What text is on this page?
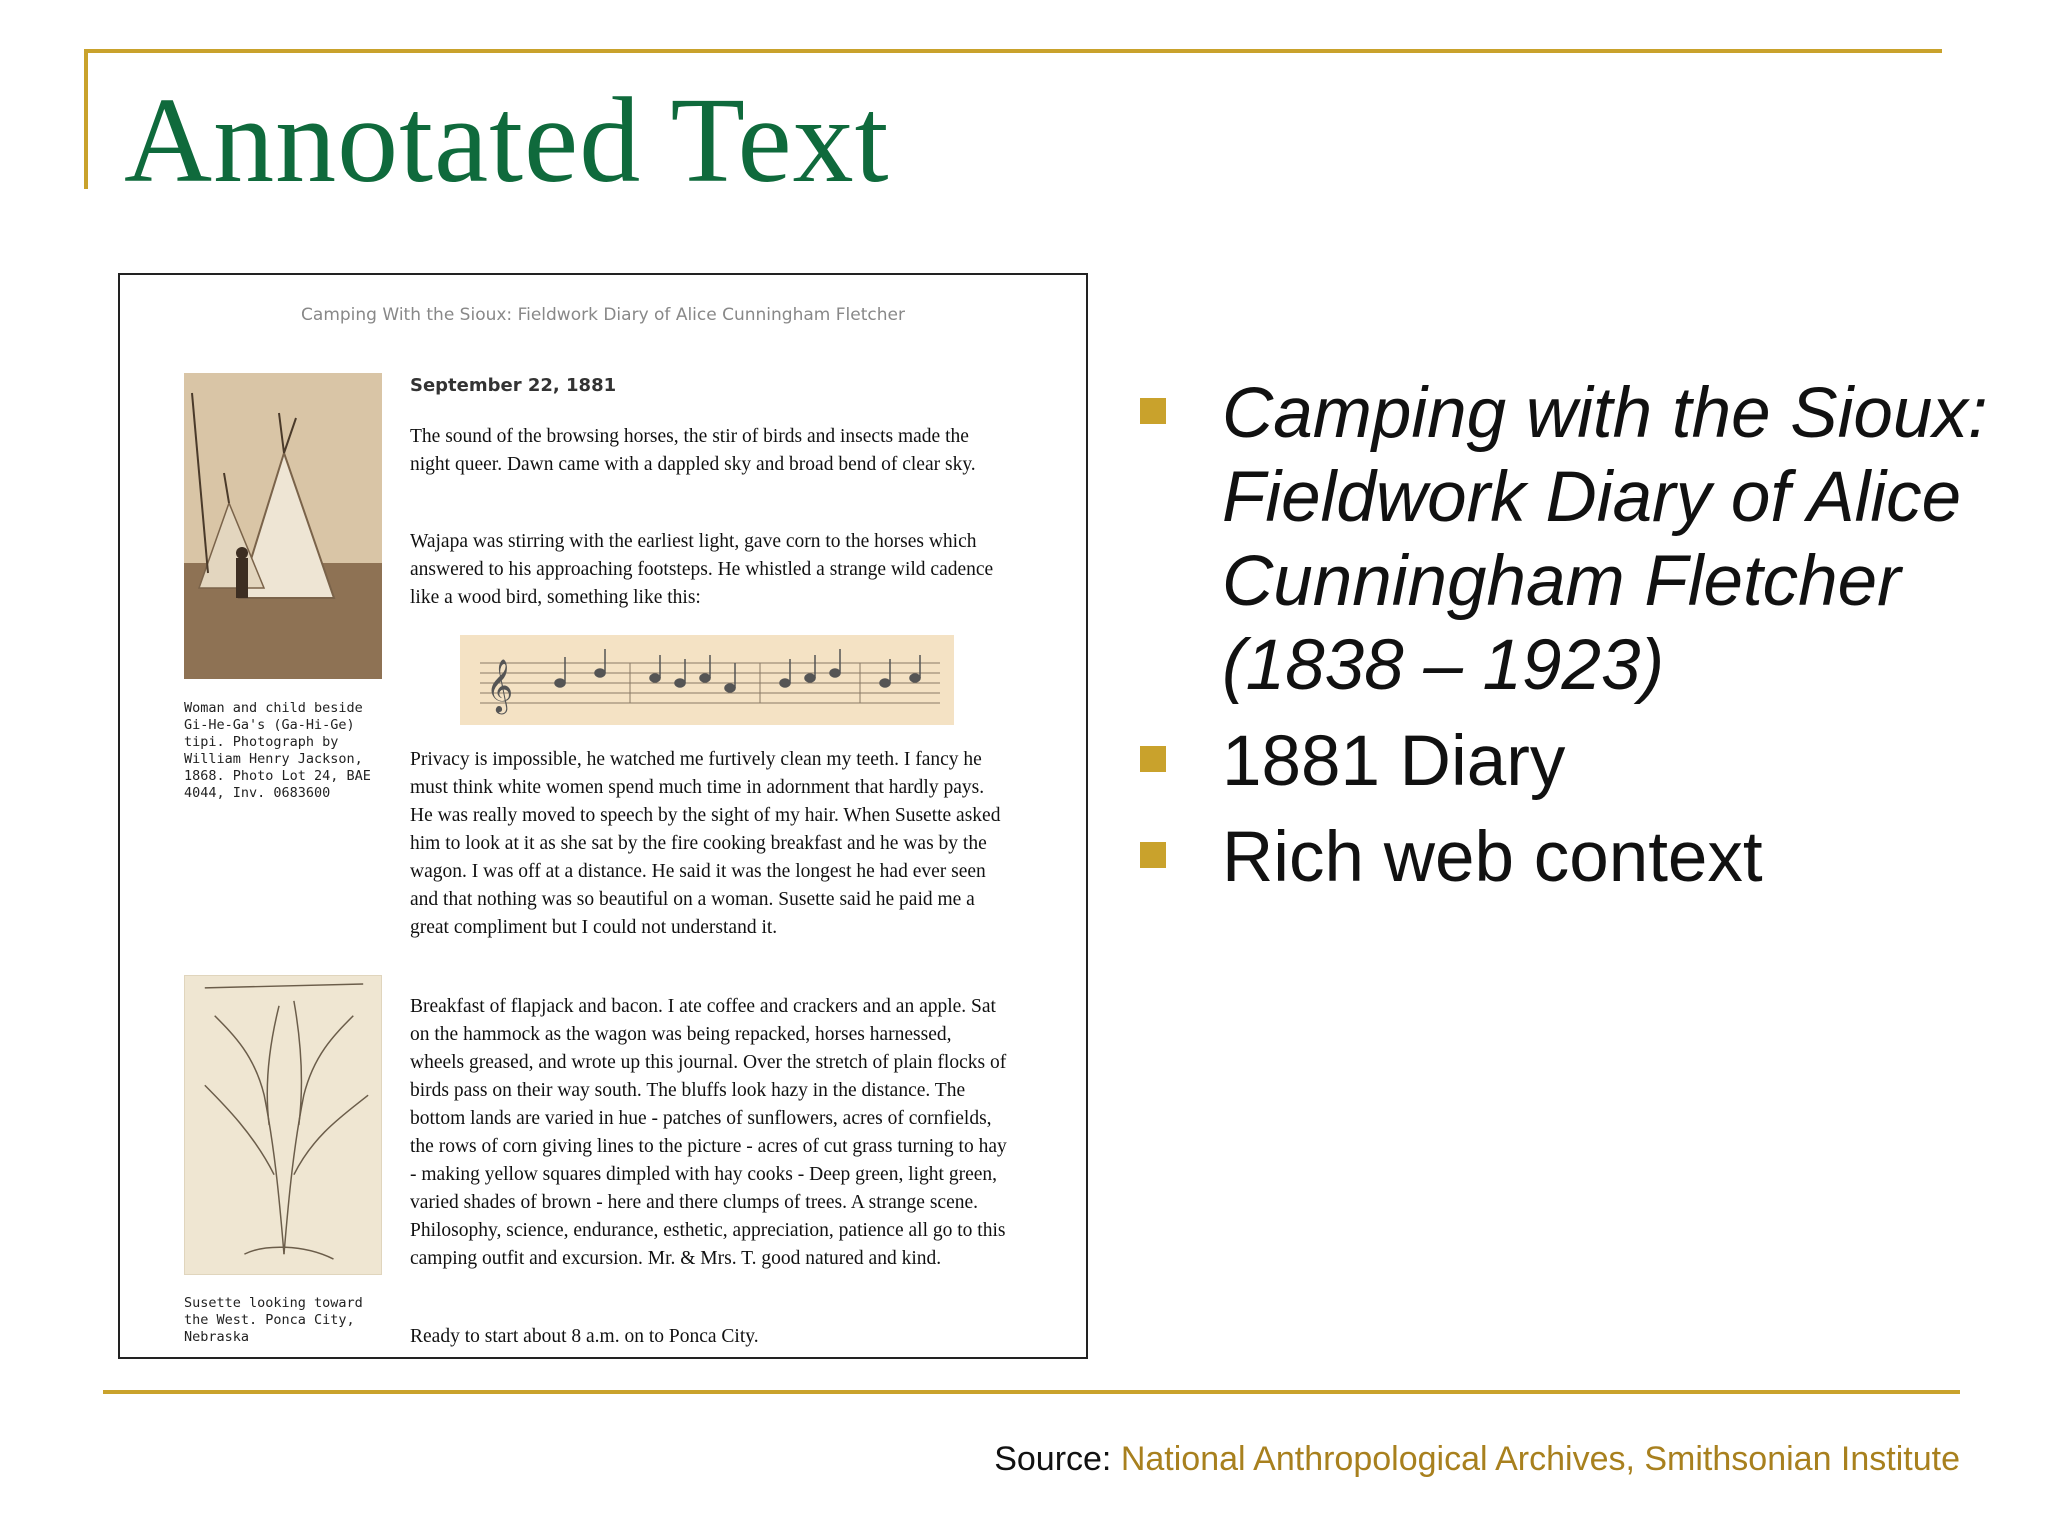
Annotated Text
Camping With the Sioux: Fieldwork Diary of Alice Cunningham Fletcher
Woman and child beside Gi-He-Ga's (Ga-Hi-Ge) tipi. Photograph by William Henry Jackson, 1868. Photo Lot 24, BAE 4044, Inv. 0683600
September 22, 1881
The sound of the browsing horses, the stir of birds and insects made the night queer. Dawn came with a dappled sky and broad bend of clear sky.
Wajapa was stirring with the earliest light, gave corn to the horses which answered to his approaching footsteps. He whistled a strange wild cadence like a wood bird, something like this:
𝄞
Privacy is impossible, he watched me furtively clean my teeth. I fancy he must think white women spend much time in adornment that hardly pays. He was really moved to speech by the sight of my hair. When Susette asked him to look at it as she sat by the fire cooking breakfast and he was by the wagon. I was off at a distance. He said it was the longest he had ever seen and that nothing was so beautiful on a woman. Susette said he paid me a great compliment but I could not understand it.
Susette looking toward the West. Ponca City, Nebraska
Breakfast of flapjack and bacon. I ate coffee and crackers and an apple. Sat on the hammock as the wagon was being repacked, horses harnessed, wheels greased, and wrote up this journal. Over the stretch of plain flocks of birds pass on their way south. The bluffs look hazy in the distance. The bottom lands are varied in hue - patches of sunflowers, acres of cornfields, the rows of corn giving lines to the picture - acres of cut grass turning to hay - making yellow squares dimpled with hay cooks - Deep green, light green, varied shades of brown - here and there clumps of trees. A strange scene. Philosophy, science, endurance, esthetic, appreciation, patience all go to this camping outfit and excursion. Mr. & Mrs. T. good natured and kind.
Ready to start about 8 a.m. on to Ponca City.
Camping with the Sioux: Fieldwork Diary of Alice Cunningham Fletcher (1838 – 1923)
1881 Diary
Rich web context
Source: National Anthropological Archives, Smithsonian Institute
